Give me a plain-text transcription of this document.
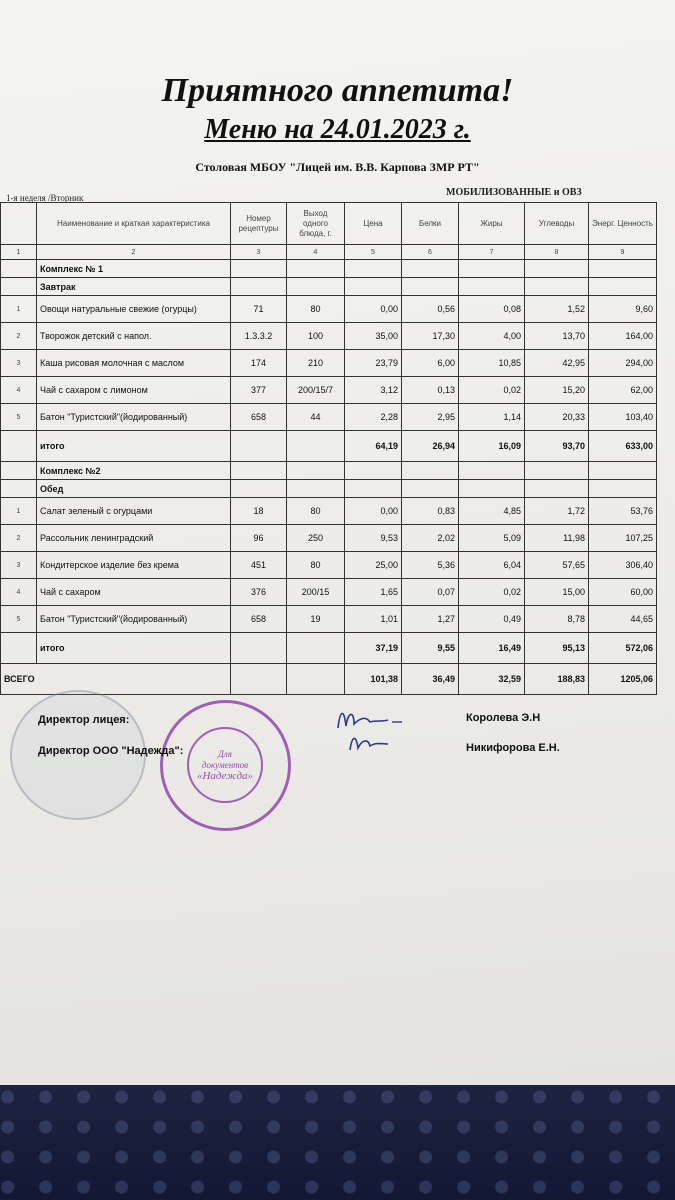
Приятного аппетита!
Меню на 24.01.2023 г.
Столовая МБОУ "Лицей им. В.В. Карпова ЗМР РТ"
1-я неделя /Вторник	МОБИЛИЗОВАННЫЕ и ОВЗ
	Наименование и краткая характеристика	Номер рецептуры	Выход одного блюда, г.	Цена	Белки	Жиры	Углеводы	Энерг. Ценность
1	2	3	4	5	6	7	8	9
	Комплекс № 1							
	Завтрак							
1	Овощи натуральные свежие (огурцы)	71	80	0,00	0,56	0,08	1,52	9,60
2	Творожок детский с напол.	1.3.3.2	100	35,00	17,30	4,00	13,70	164,00
3	Каша рисовая молочная с маслом	174	210	23,79	6,00	10,85	42,95	294,00
4	Чай с сахаром с лимоном	377	200/15/7	3,12	0,13	0,02	15,20	62,00
5	Батон "Туристский"(йодированный)	658	44	2,28	2,95	1,14	20,33	103,40
	итого			64,19	26,94	16,09	93,70	633,00
	Комплекс №2							
	Обед							
1	Салат зеленый с огурцами	18	80	0,00	0,83	4,85	1,72	53,76
2	Рассольник ленинградский	96	250	9,53	2,02	5,09	11,98	107,25
3	Кондитерское изделие без крема	451	80	25,00	5,36	6,04	57,65	306,40
4	Чай с сахаром	376	200/15	1,65	0,07	0,02	15,00	60,00
5	Батон "Туристский"(йодированный)	658	19	1,01	1,27	0,49	8,78	44,65
	итого			37,19	9,55	16,49	95,13	572,06
ВСЕГО				101,38	36,49	32,59	188,83	1205,06
Для
документов
«Надежда»
Директор лицея:
Директор ООО "Надежда":
Королева Э.Н
Никифорова Е.Н.
